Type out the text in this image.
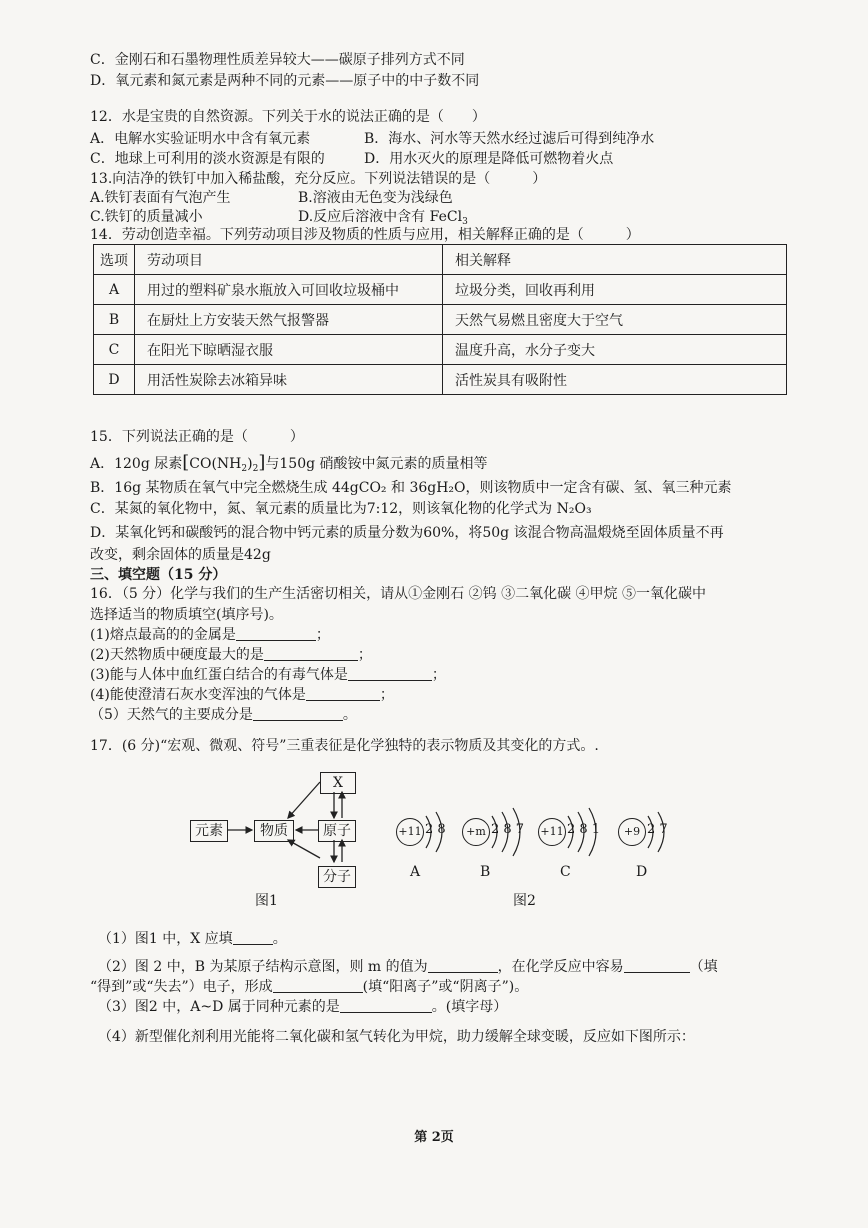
C．金刚石和石墨物理性质差异较大——碳原子排列方式不同
D．氧元素和氮元素是两种不同的元素——原子中的中子数不同
12．水是宝贵的自然资源。下列关于水的说法正确的是（　　）
A．电解水实验证明水中含有氧元素	B．海水、河水等天然水经过滤后可得到纯净水
C．地球上可利用的淡水资源是有限的	D．用水灭火的原理是降低可燃物着火点
13.向洁净的铁钉中加入稀盐酸，充分反应。下列说法错误的是（　　　）
A.铁钉表面有气泡产生	B.溶液由无色变为浅绿色
C.铁钉的质量减小	D.反应后溶液中含有 FeCl$_3$
14．劳动创造幸福。下列劳动项目涉及物质的性质与应用，相关解释正确的是（　　　）
选项	劳动项目	相关解释
A	用过的塑料矿泉水瓶放入可回收垃圾桶中	垃圾分类，回收再利用
B	在厨灶上方安装天然气报警器	天然气易燃且密度大于空气
C	在阳光下晾晒湿衣服	温度升高，水分子变大
D	用活性炭除去冰箱异味	活性炭具有吸附性
15．下列说法正确的是（　　　）
A．120g 尿素$[CO(NH_2)_2]$与150g 硝酸铵中氮元素的质量相等
B．16g 某物质在氧气中完全燃烧生成 44gCO₂ 和 36gH₂O，则该物质中一定含有碳、氢、氧三种元素
C．某氮的氧化物中，氮、氧元素的质量比为7:12，则该氧化物的化学式为 N₂O₃
D．某氧化钙和碳酸钙的混合物中钙元素的质量分数为60%，将50g 该混合物高温煅烧至固体质量不再
改变，剩余固体的质量是42g
三、填空题（15 分）
16．（5 分）化学与我们的生产生活密切相关，请从①金刚石 ②钨 ③二氧化碳 ④甲烷 ⑤一氧化碳中
选择适当的物质填空(填序号)。
(1)熔点最高的的金属是	；
(2)天然物质中硬度最大的是	；
(3)能与人体中血红蛋白结合的有毒气体是	；
(4)能使澄清石灰水变浑浊的气体是	；
（5）天然气的主要成分是	。
17．(6 分)“宏观、微观、符号”三重表征是化学独特的表示物质及其变化的方式。.
X
元素	物质	原子
分子
图1
+11 2 8
A
+m 2 8 7
B
+11 2 8 1
C
+9 2 7
D
图2
（1）图1 中，X 应填	。
（2）图 2 中，B 为某原子结构示意图，则 m 的值为	，在化学反应中容易	（填
“得到”或“失去”）电子，形成	(填“阳离子”或“阴离子”)。
（3）图2 中，A~D 属于同种元素的是	。(填字母）
（4）新型催化剂利用光能将二氧化碳和氢气转化为甲烷，助力缓解全球变暖，反应如下图所示：
第 2页
